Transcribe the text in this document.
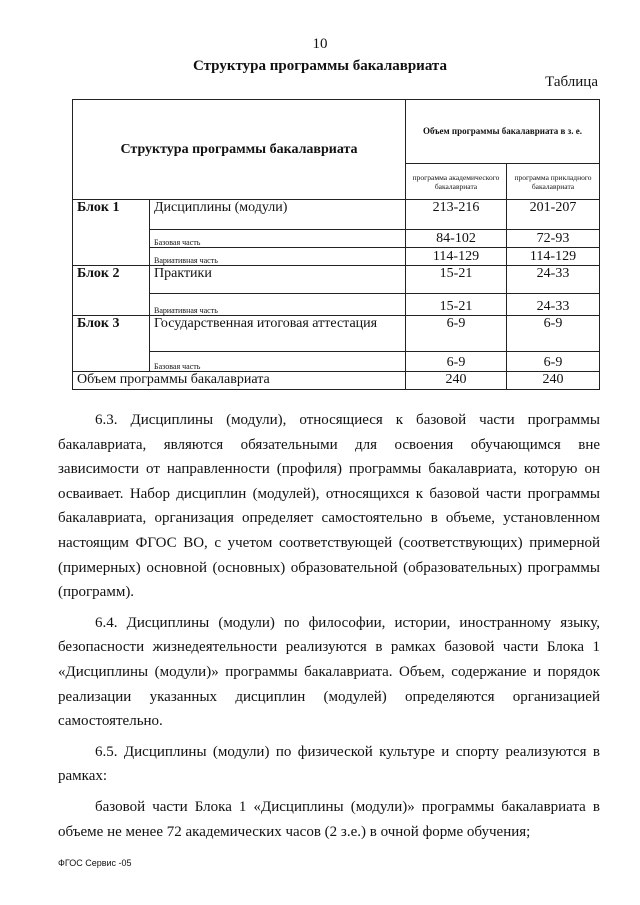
10
Структура программы бакалавриата
Таблица
Структура программы бакалавриата		Объем программы бакалавриата в з. е.	
		программа академического бакалавриата	программа прикладного бакалавриата
Блок 1	Дисциплины (модули)	213-216	201-207
	Базовая часть	84-102	72-93
	Вариативная часть	114-129	114-129
Блок 2	Практики	15-21	24-33
	Вариативная часть	15-21	24-33
Блок 3	Государственная итоговая аттестация	6-9	6-9
	Базовая часть	6-9	6-9
Объем программы бакалавриата		240	240

6.3. Дисциплины (модули), относящиеся к базовой части программы бакалавриата, являются обязательными для освоения обучающимся вне зависимости от направленности (профиля) программы бакалавриата, которую он осваивает. Набор дисциплин (модулей), относящихся к базовой части программы бакалавриата, организация определяет самостоятельно в объеме, установленном настоящим ФГОС ВО, с учетом соответствующей (соответствующих) примерной (примерных) основной (основных) образовательной (образовательных) программы (программ).

6.4. Дисциплины (модули) по философии, истории, иностранному языку, безопасности жизнедеятельности реализуются в рамках базовой части Блока 1 «Дисциплины (модули)» программы бакалавриата. Объем, содержание и порядок реализации указанных дисциплин (модулей) определяются организацией самостоятельно.

6.5. Дисциплины (модули) по физической культуре и спорту реализуются в рамках:

базовой части Блока 1 «Дисциплины (модули)» программы бакалавриата в объеме не менее 72 академических часов (2 з.е.) в очной форме обучения;

ФГОС Сервис -05
